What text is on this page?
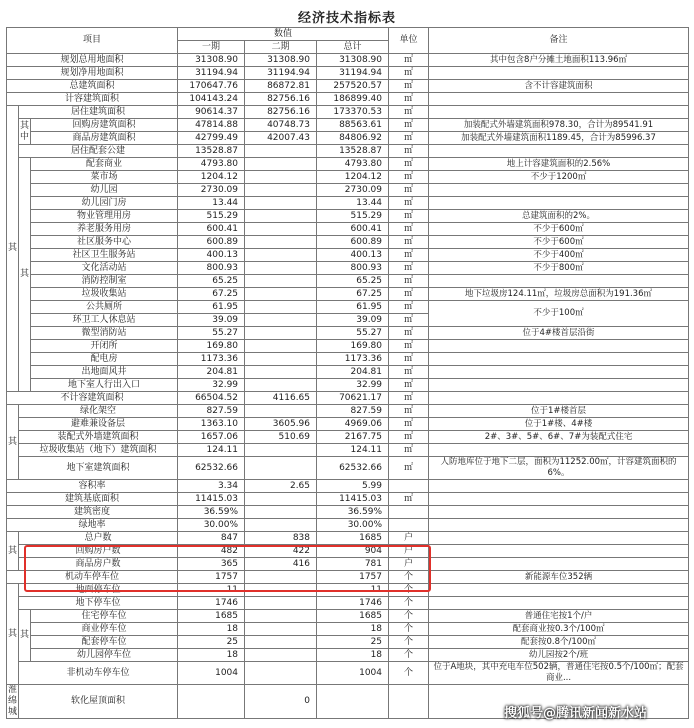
经济技术指标表
项目			数值			单位	备注
			一期	二期	总计		
规划总用地面积			31308.90	31308.90	31308.90	㎡	其中包含8户分摊土地面积113.96㎡
规划净用地面积			31194.94	31194.94	31194.94	㎡	
总建筑面积			170647.76	86872.81	257520.57	㎡	含不计容建筑面积
计容建筑面积			104143.24	82756.16	186899.40	㎡	
其	居住建筑面积		90614.37	82756.16	173370.53	㎡	
	其中	回购房建筑面积	47814.88	40748.73	88563.61	㎡	加装配式外墙建筑面积978.30，合计为89541.91
		商品房建筑面积	42799.49	42007.43	84806.92	㎡	加装配式外墙建筑面积1189.45，合计为85996.37
	居住配套公建		13528.87		13528.87	㎡	
	其	配套商业	4793.80		4793.80	㎡	地上计容建筑面积的2.56%
		菜市场	1204.12		1204.12	㎡	不少于1200㎡
		幼儿园	2730.09		2730.09	㎡	
		幼儿园门房	13.44		13.44	㎡	
		物业管理用房	515.29		515.29	㎡	总建筑面积的2%。
		养老服务用房	600.41		600.41	㎡	不少于600㎡
		社区服务中心	600.89		600.89	㎡	不少于600㎡
		社区卫生服务站	400.13		400.13	㎡	不少于400㎡
		文化活动站	800.93		800.93	㎡	不少于800㎡
		消防控制室	65.25		65.25	㎡	
		垃圾收集站	67.25		67.25	㎡	地下垃圾房124.11㎡，垃圾房总面积为191.36㎡
		公共厕所	61.95		61.95	㎡	不少于100㎡
		环卫工人休息站	39.09		39.09	㎡	
		微型消防站	55.27		55.27	㎡	位于4#楼首层沿街
		开闭所	169.80		169.80	㎡	
		配电房	1173.36		1173.36	㎡	
		出地面风井	204.81		204.81	㎡	
		地下室人行出入口	32.99		32.99	㎡	
不计容建筑面积			66504.52	4116.65	70621.17	㎡	
其	绿化架空		827.59		827.59	㎡	位于1#楼首层
	避难兼设备层		1363.10	3605.96	4969.06	㎡	位于1#楼、4#楼
	装配式外墙建筑面积		1657.06	510.69	2167.75	㎡	2#、3#、5#、6#、7#为装配式住宅
	垃圾收集站（地下）建筑面积		124.11		124.11	㎡	
	地下室建筑面积		62532.66		62532.66	㎡	人防地库位于地下二层，面积为11252.00㎡，计容建筑面积的6%。
容积率			3.34	2.65	5.99		
建筑基底面积			11415.03		11415.03	㎡	
建筑密度			36.59%		36.59%		
绿地率			30.00%		30.00%		
其	总户数		847	838	1685	户	
	回购房户数		482	422	904	户	
	商品房户数		365	416	781	户	
机动车停车位			1757		1757	个	新能源车位352辆
其	地面停车位		11		11	个	
	地下停车位		1746		1746	个	
	其	住宅停车位	1685		1685	个	普通住宅按1个/户
		商业停车位	18		18	个	配套商业按0.3个/100㎡
		配套停车位	25		25	个	配套按0.8个/100㎡
		幼儿园停车位	18		18	个	幼儿园按2个/班
	非机动车停车位		1004		1004	个	位于A地块，其中充电车位502辆，普通住宅按0.5个/100㎡；配套商业...
淮绵城	软化屋顶面积			0			
搜狐号@腾讯新闻新水站
